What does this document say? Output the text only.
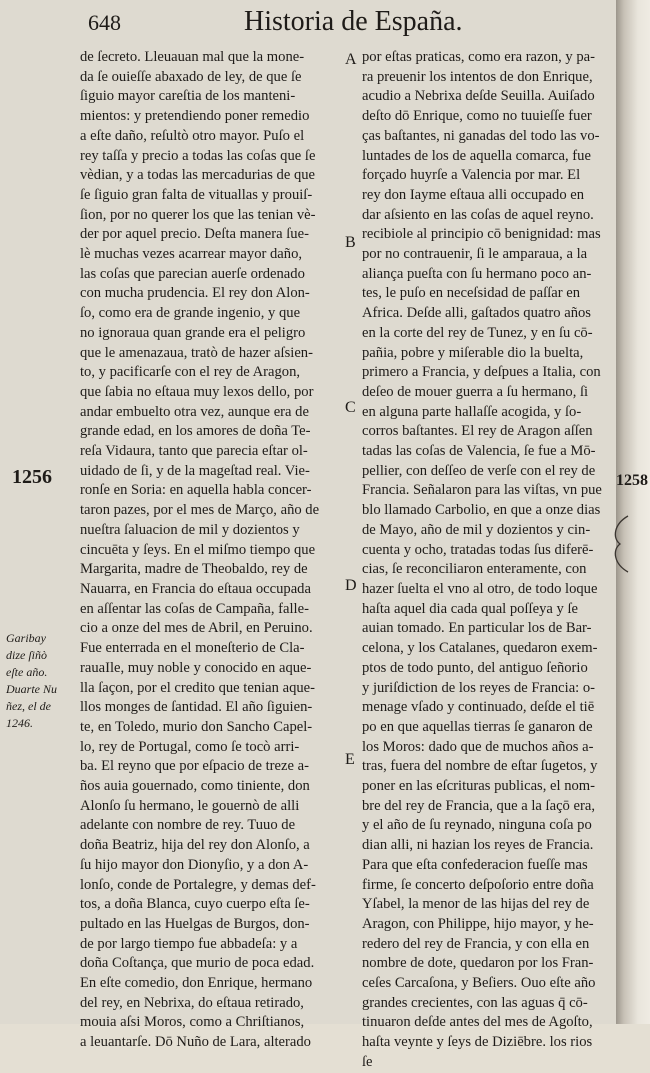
648	Historia de España.
de ſecreto. Lleuauan mal que la mone-
da ſe ouieſſe abaxado de ley, de que ſe
ſiguio mayor careſtia de los manteni-
mientos: y pretendiendo poner remedio
a eſte daño, reſultò otro mayor. Puſo el
rey taſſa y precio a todas las coſas que ſe
vèdian, y a todas las mercadurias de que
ſe ſiguio gran falta de vituallas y prouiſ-
ſion, por no querer los que las tenian vè-
der por aquel precio. Deſta manera ſue-
lè muchas vezes acarrear mayor daño,
las coſas que parecian auerſe ordenado
con mucha prudencia. El rey don Alon-
ſo, como era de grande ingenio, y que
no ignoraua quan grande era el peligro
que le amenazaua, tratò de hazer aſsien-
to, y pacificarſe con el rey de Aragon,
que ſabia no eſtaua muy lexos dello, por
andar embuelto otra vez, aunque era de
grande edad, en los amores de doña Te-
reſa Vidaura, tanto que parecia eſtar ol-
uidado de ſi, y de la mageſtad real. Vie-
ronſe en Soria: en aquella habla concer-
taron pazes, por el mes de Março, año de
nueſtra ſaluacion de mil y dozientos y
cincuēta y ſeys. En el miſmo tiempo que
Margarita, madre de Theobaldo, rey de
Nauarra, en Francia do eſtaua occupada
en aſſentar las coſas de Campaña, falle-
cio a onze del mes de Abril, en Peruino.
Fue enterrada en el moneſterio de Cla-
rauaIle, muy noble y conocido en aque-
lla ſaçon, por el credito que tenian aque-
llos monges de ſantidad. El año ſiguien-
te, en Toledo, murio don Sancho Capel-
lo, rey de Portugal, como ſe tocò arri-
ba. El reyno que por eſpacio de treze a-
ños auia gouernado, como tiniente, don
Alonſo ſu hermano, le gouernò de alli
adelante con nombre de rey. Tuuo de
doña Beatriz, hija del rey don Alonſo, a
ſu hijo mayor don Dionyſio, y a don A-
lonſo, conde de Portalegre, y demas def-
tos, a doña Blanca, cuyo cuerpo eſta ſe-
pultado en las Huelgas de Burgos, don-
de por largo tiempo fue abbadeſa: y a
doña Coſtança, que murio de poca edad.
En eſte comedio, don Enrique, hermano
del rey, en Nebrixa, do eſtaua retirado,
mouia aſsi Moros, como a Chriſtianos,
a leuantarſe. Dō Nuño de Lara, alterado
por eſtas praticas, como era razon, y pa-
ra preuenir los intentos de don Enrique,
acudio a Nebrixa deſde Seuilla. Auiſado
deſto dō Enrique, como no tuuieſſe fuer
ças baſtantes, ni ganadas del todo las vo-
luntades de los de aquella comarca, fue
forçado huyrſe a Valencia por mar. El
rey don Iayme eſtaua alli occupado en
dar aſsiento en las coſas de aquel reyno.
recibiole al principio cō benignidad: mas
por no contrauenir, ſi le amparaua, a la
aliança pueſta con ſu hermano poco an-
tes, le puſo en neceſsidad de paſſar en
Africa. Deſde alli, gaſtados quatro años
en la corte del rey de Tunez, y en ſu cō-
pañia, pobre y miſerable dio la buelta,
primero a Francia, y deſpues a Italia, con
deſeo de mouer guerra a ſu hermano, ſi
en alguna parte hallaſſe acogida, y ſo-
corros baſtantes. El rey de Aragon aſſen
tadas las coſas de Valencia, ſe fue a Mō-
pellier, con deſſeo de verſe con el rey de
Francia. Señalaron para las viſtas, vn pue
blo llamado Carbolio, en que a onze dias
de Mayo, año de mil y dozientos y cin-
cuenta y ocho, tratadas todas ſus diferē-
cias, ſe reconciliaron enteramente, con
hazer ſuelta el vno al otro, de todo loque
haſta aquel dia cada qual poſſeya y ſe
auian tomado. En particular los de Bar-
celona, y los Catalanes, quedaron exem-
ptos de todo punto, del antiguo ſeñorio
y juriſdiction de los reyes de Francia: o-
menage vſado y continuado, deſde el tiē
po en que aquellas tierras ſe ganaron de
los Moros: dado que de muchos años a-
tras, fuera del nombre de eſtar ſugetos, y
poner en las eſcrituras publicas, el nom-
bre del rey de Francia, que a la ſaçō era,
y el año de ſu reynado, ninguna coſa po
dian alli, ni hazian los reyes de Francia.
Para que eſta confederacion fueſſe mas
firme, ſe concerto deſpoſorio entre doña
Yſabel, la menor de las hijas del rey de
Aragon, con Philippe, hijo mayor, y he-
redero del rey de Francia, y con ella en
nombre de dote, quedaron por los Fran-
ceſes Carcaſona, y Beſiers. Ouo eſte año
grandes crecientes, con las aguas q̄ cō-
tinuaron deſde antes del mes de Agoſto,
haſta veynte y ſeys de Diziēbre. los rios
ſe
A
B
C
D
E
1256
Garibay
dize ſiñò
eſte año.
Duarte Nu
ñez, el de
1246.
1258
